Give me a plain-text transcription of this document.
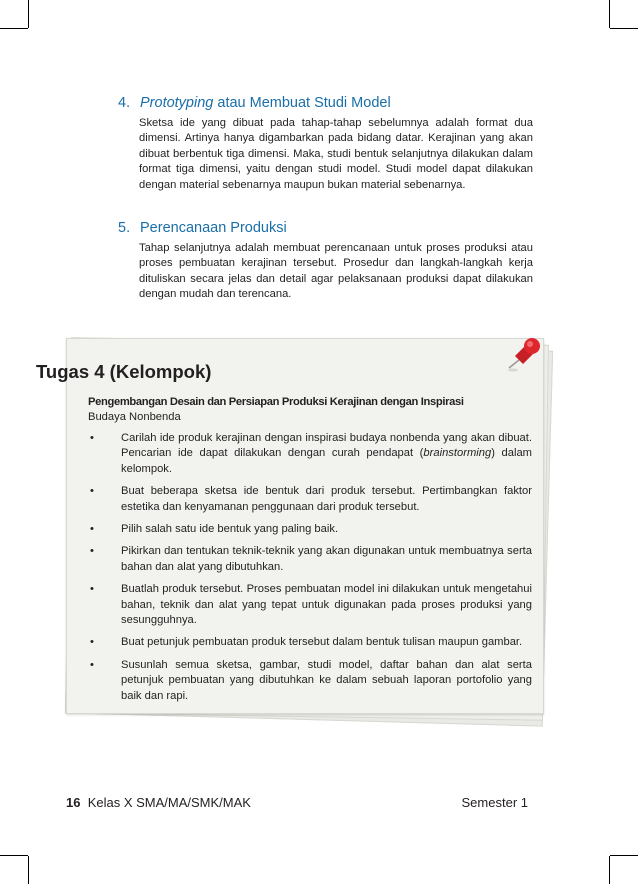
4. Prototyping atau Membuat Studi Model

Sketsa ide yang dibuat pada tahap-tahap sebelumnya adalah format dua dimensi. Artinya hanya digambarkan pada bidang datar. Kerajinan yang akan dibuat berbentuk tiga dimensi. Maka, studi bentuk selanjutnya dilakukan dalam format tiga dimensi, yaitu dengan studi model. Studi model dapat dilakukan dengan material sebenarnya maupun bukan material sebenarnya.

5. Perencanaan Produksi

Tahap selanjutnya adalah membuat perencanaan untuk proses produksi atau proses pembuatan kerajinan tersebut. Prosedur dan langkah-langkah kerja dituliskan secara jelas dan detail agar pelaksanaan produksi dapat dilakukan dengan mudah dan terencana.

Tugas 4 (Kelompok)

Pengembangan Desain dan Persiapan Produksi Kerajinan dengan Inspirasi
Budaya Nonbenda

• Carilah ide produk kerajinan dengan inspirasi budaya nonbenda yang akan dibuat. Pencarian ide dapat dilakukan dengan curah pendapat (brainstorming) dalam kelompok.
• Buat beberapa sketsa ide bentuk dari produk tersebut. Pertimbangkan faktor estetika dan kenyamanan penggunaan dari produk tersebut.
• Pilih salah satu ide bentuk yang paling baik.
• Pikirkan dan tentukan teknik-teknik yang akan digunakan untuk membuatnya serta bahan dan alat yang dibutuhkan.
• Buatlah produk tersebut. Proses pembuatan model ini dilakukan untuk mengetahui bahan, teknik dan alat yang tepat untuk digunakan pada proses produksi yang sesungguhnya.
• Buat petunjuk pembuatan produk tersebut dalam bentuk tulisan maupun gambar.
• Susunlah semua sketsa, gambar, studi model, daftar bahan dan alat serta petunjuk pembuatan yang dibutuhkan ke dalam sebuah laporan portofolio yang baik dan rapi.
16 Kelas X SMA/MA/SMK/MAK	Semester 1
